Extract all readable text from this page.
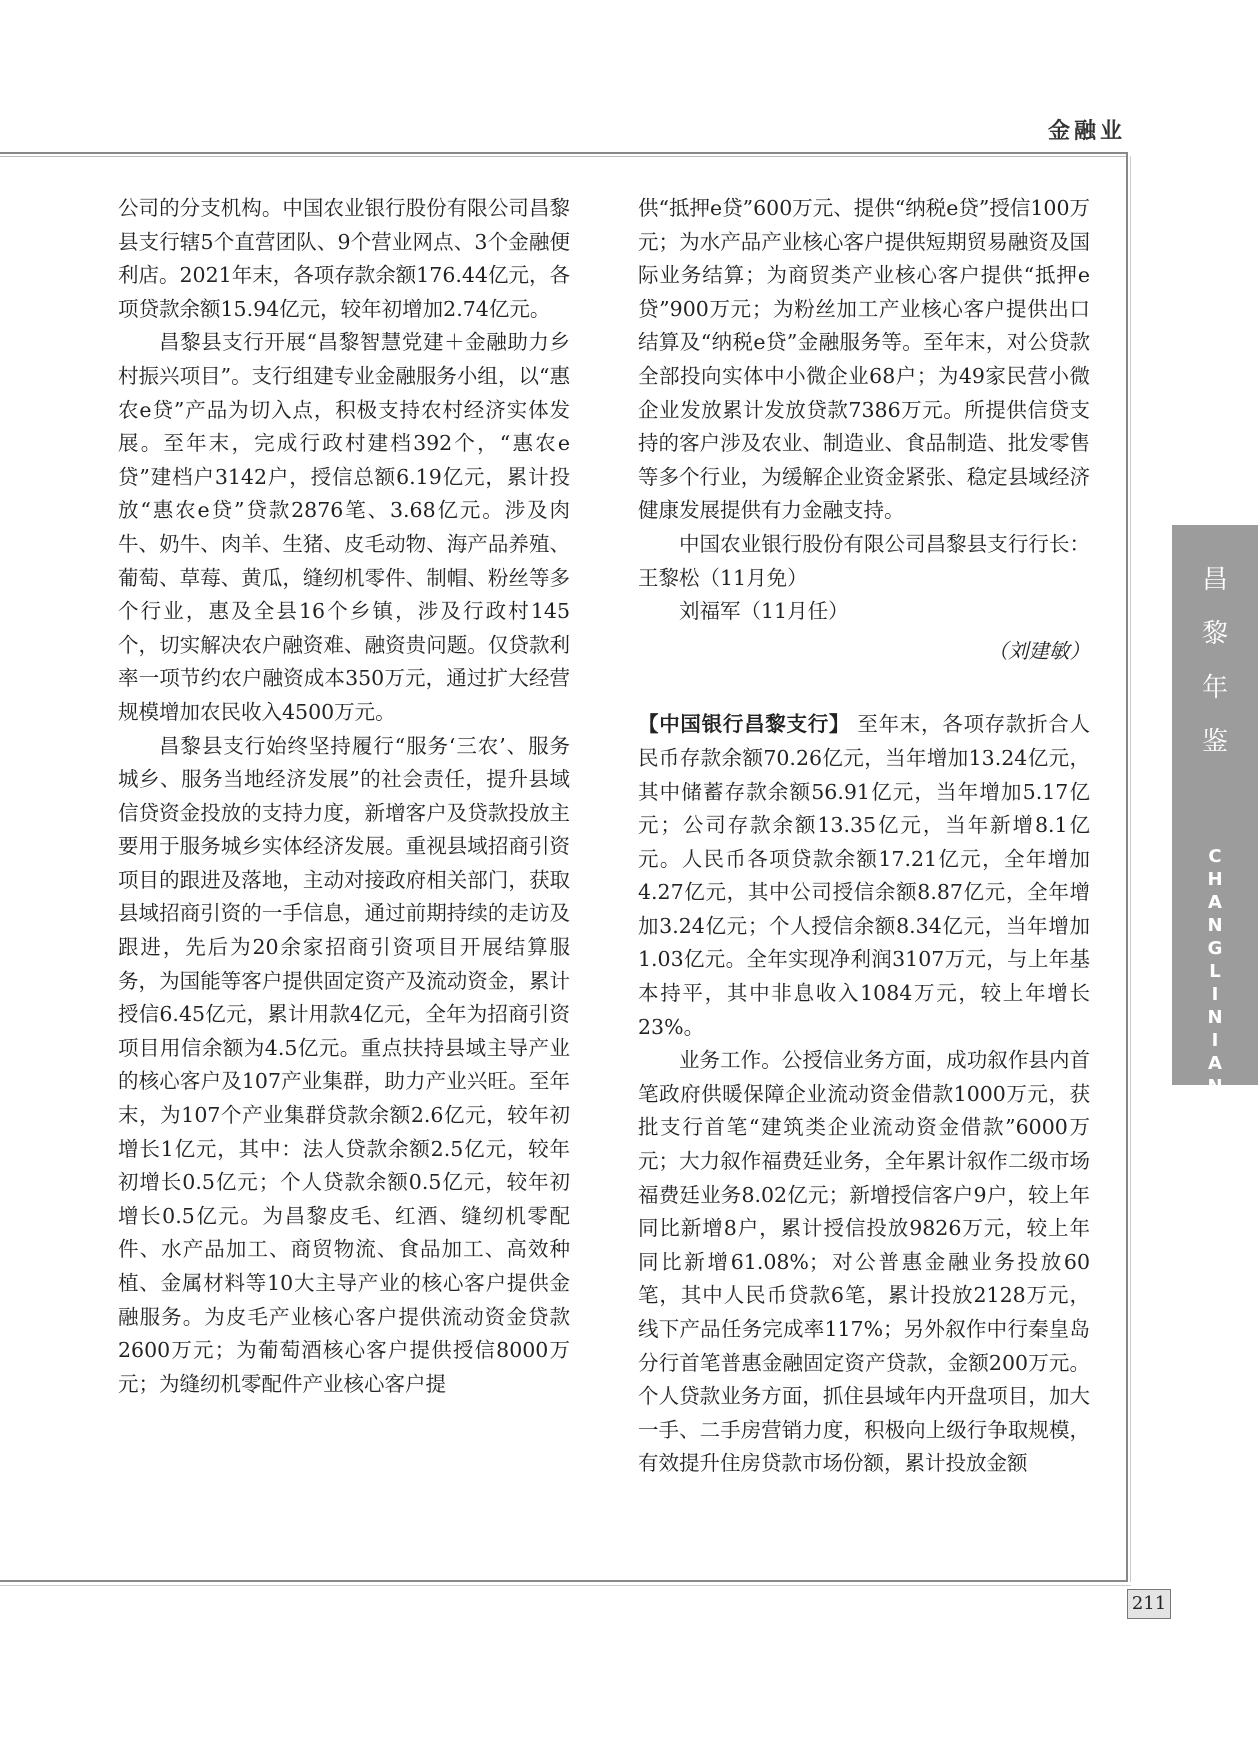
金融业

公司的分支机构。中国农业银行股份有限公司昌黎县支行辖5个直营团队、9个营业网点、3个金融便利店。2021年末，各项存款余额176.44亿元，各项贷款余额15.94亿元，较年初增加2.74亿元。

昌黎县支行开展“昌黎智慧党建＋金融助力乡村振兴项目”。支行组建专业金融服务小组，以“惠农e贷”产品为切入点，积极支持农村经济实体发展。至年末，完成行政村建档392个，“惠农e贷”建档户3142户，授信总额6.19亿元，累计投放“惠农e贷”贷款2876笔、3.68亿元。涉及肉牛、奶牛、肉羊、生猪、皮毛动物、海产品养殖、葡萄、草莓、黄瓜，缝纫机零件、制帽、粉丝等多个行业，惠及全县16个乡镇，涉及行政村145个，切实解决农户融资难、融资贵问题。仅贷款利率一项节约农户融资成本350万元，通过扩大经营规模增加农民收入4500万元。

昌黎县支行始终坚持履行“服务‘三农’、服务城乡、服务当地经济发展”的社会责任，提升县域信贷资金投放的支持力度，新增客户及贷款投放主要用于服务城乡实体经济发展。重视县域招商引资项目的跟进及落地，主动对接政府相关部门，获取县域招商引资的一手信息，通过前期持续的走访及跟进，先后为20余家招商引资项目开展结算服务，为国能等客户提供固定资产及流动资金，累计授信6.45亿元，累计用款4亿元，全年为招商引资项目用信余额为4.5亿元。重点扶持县域主导产业的核心客户及107产业集群，助力产业兴旺。至年末，为107个产业集群贷款余额2.6亿元，较年初增长1亿元，其中：法人贷款余额2.5亿元，较年初增长0.5亿元；个人贷款余额0.5亿元，较年初增长0.5亿元。为昌黎皮毛、红酒、缝纫机零配件、水产品加工、商贸物流、食品加工、高效种植、金属材料等10大主导产业的核心客户提供金融服务。为皮毛产业核心客户提供流动资金贷款2600万元；为葡萄酒核心客户提供授信8000万元；为缝纫机零配件产业核心客户提

供“抵押e贷”600万元、提供“纳税e贷”授信100万元；为水产品产业核心客户提供短期贸易融资及国际业务结算；为商贸类产业核心客户提供“抵押e贷”900万元；为粉丝加工产业核心客户提供出口结算及“纳税e贷”金融服务等。至年末，对公贷款全部投向实体中小微企业68户；为49家民营小微企业发放累计发放贷款7386万元。所提供信贷支持的客户涉及农业、制造业、食品制造、批发零售等多个行业，为缓解企业资金紧张、稳定县域经济健康发展提供有力金融支持。

中国农业银行股份有限公司昌黎县支行行长：王黎松（11月免）

刘福军（11月任）

（刘建敏）

【中国银行昌黎支行】 至年末，各项存款折合人民币存款余额70.26亿元，当年增加13.24亿元，其中储蓄存款余额56.91亿元，当年增加5.17亿元；公司存款余额13.35亿元，当年新增8.1亿元。人民币各项贷款余额17.21亿元，全年增加4.27亿元，其中公司授信余额8.87亿元，全年增加3.24亿元；个人授信余额8.34亿元，当年增加1.03亿元。全年实现净利润3107万元，与上年基本持平，其中非息收入1084万元，较上年增长23%。

业务工作。公授信业务方面，成功叙作县内首笔政府供暖保障企业流动资金借款1000万元，获批支行首笔“建筑类企业流动资金借款”6000万元；大力叙作福费廷业务，全年累计叙作二级市场福费廷业务8.02亿元；新增授信客户9户，较上年同比新增8户，累计授信投放9826万元，较上年同比新增61.08%；对公普惠金融业务投放60笔，其中人民币贷款6笔，累计投放2128万元，线下产品任务完成率117%；另外叙作中行秦皇岛分行首笔普惠金融固定资产贷款，金额200万元。个人贷款业务方面，抓住县域年内开盘项目，加大一手、二手房营销力度，积极向上级行争取规模，有效提升住房贷款市场份额，累计投放金额

昌
黎
年
鉴
C
H
A
N
G
L
I
N
I
A
N
J
I
A
N
211
